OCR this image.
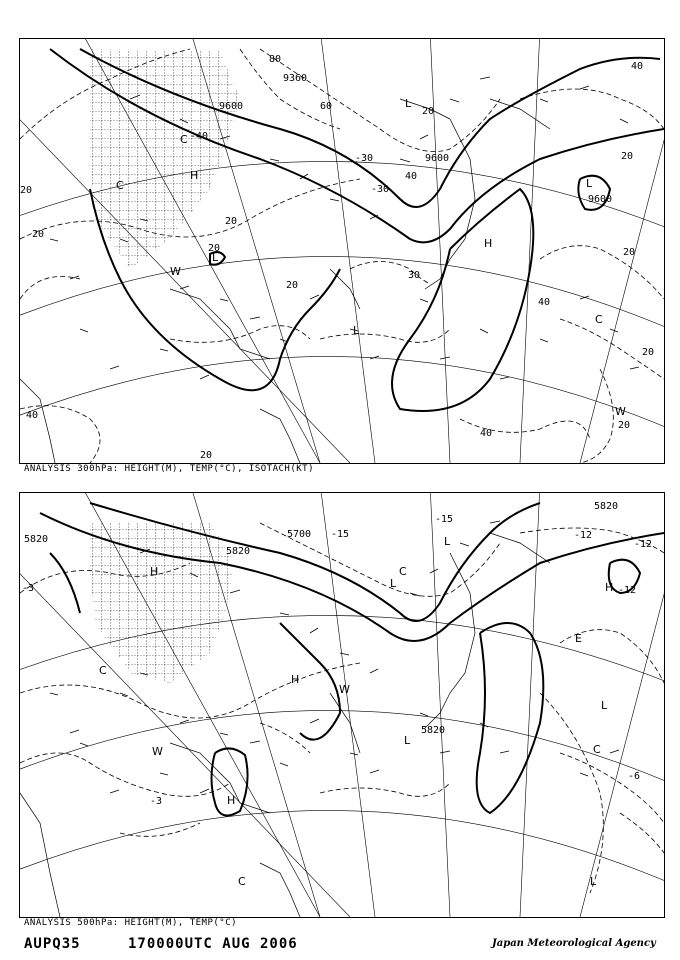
9360
9600
9600
9600
80
60
40
20
20
20
20
20
20
20
40
40
40
40
20
20
20
20
30
-30
-30
-40
H
H
L
L
L
L
W
W
C
C
C
ANALYSIS 300hPa: HEIGHT(M), TEMP(°C), ISOTACH(KT)
5820
5820
5820
5700
5820
-15
-15
-12
-12
-6
-3
-3
-12
H
H
H
H
L
L
L
L
L
W
W
C
C
C
C
E
ANALYSIS 500hPa: HEIGHT(M), TEMP(°C)
AUPQ35	170000UTC AUG 2006	Japan Meteorological Agency
